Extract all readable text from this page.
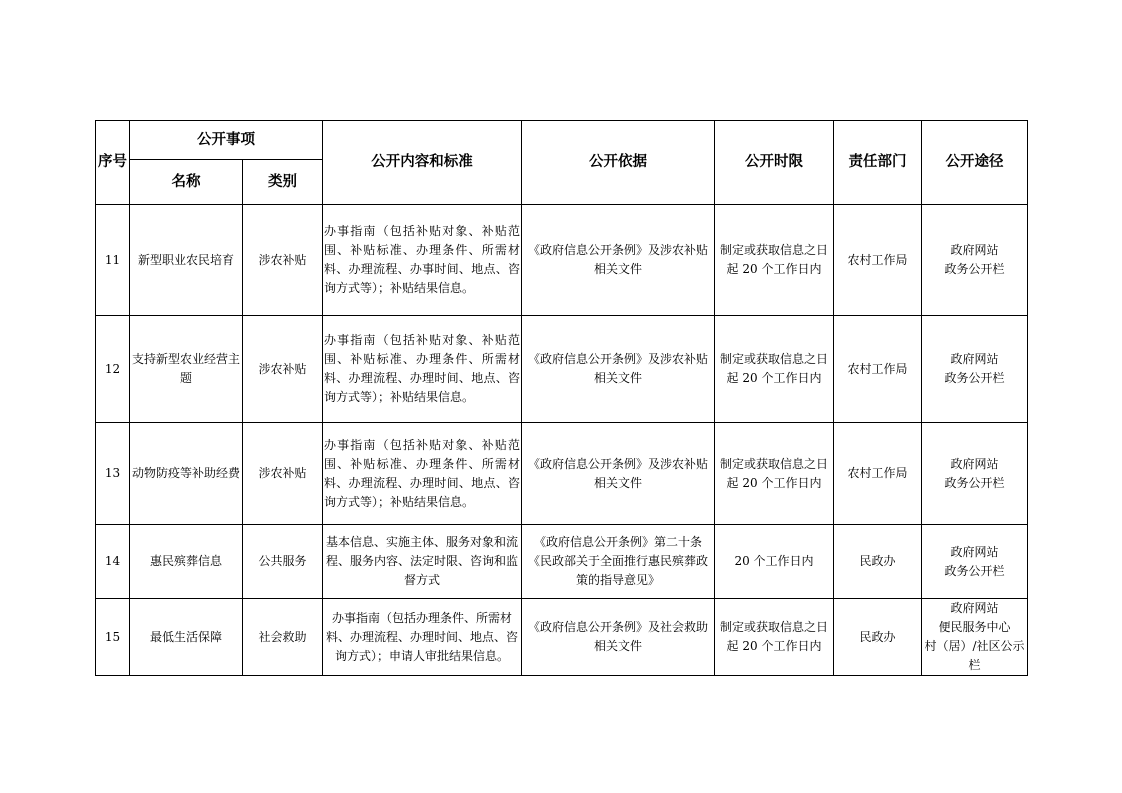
序号	公开事项		公开内容和标准	公开依据	公开时限	责任部门	公开途径
	名称	类别					
11	新型职业农民培育	涉农补贴	办事指南（包括补贴对象、补贴范围、补贴标准、办理条件、所需材料、办理流程、办事时间、地点、咨询方式等）；补贴结果信息。	《政府信息公开条例》及涉农补贴相关文件	制定或获取信息之日起 20 个工作日内	农村工作局	政府网站
政务公开栏
12	支持新型农业经营主题	涉农补贴	办事指南（包括补贴对象、补贴范围、补贴标准、办理条件、所需材料、办理流程、办理时间、地点、咨询方式等）；补贴结果信息。	《政府信息公开条例》及涉农补贴相关文件	制定或获取信息之日起 20 个工作日内	农村工作局	政府网站
政务公开栏
13	动物防疫等补助经费	涉农补贴	办事指南（包括补贴对象、补贴范围、补贴标准、办理条件、所需材料、办理流程、办理时间、地点、咨询方式等）；补贴结果信息。	《政府信息公开条例》及涉农补贴相关文件	制定或获取信息之日起 20 个工作日内	农村工作局	政府网站
政务公开栏
14	惠民殡葬信息	公共服务	基本信息、实施主体、服务对象和流程、服务内容、法定时限、咨询和监督方式	《政府信息公开条例》第二十条
《民政部关于全面推行惠民殡葬政策的指导意见》	20 个工作日内	民政办	政府网站
政务公开栏
15	最低生活保障	社会救助	办事指南（包括办理条件、所需材料、办理流程、办理时间、地点、咨询方式）；申请人审批结果信息。	《政府信息公开条例》及社会救助相关文件	制定或获取信息之日起 20 个工作日内	民政办	政府网站
便民服务中心
村（居）/社区公示栏
